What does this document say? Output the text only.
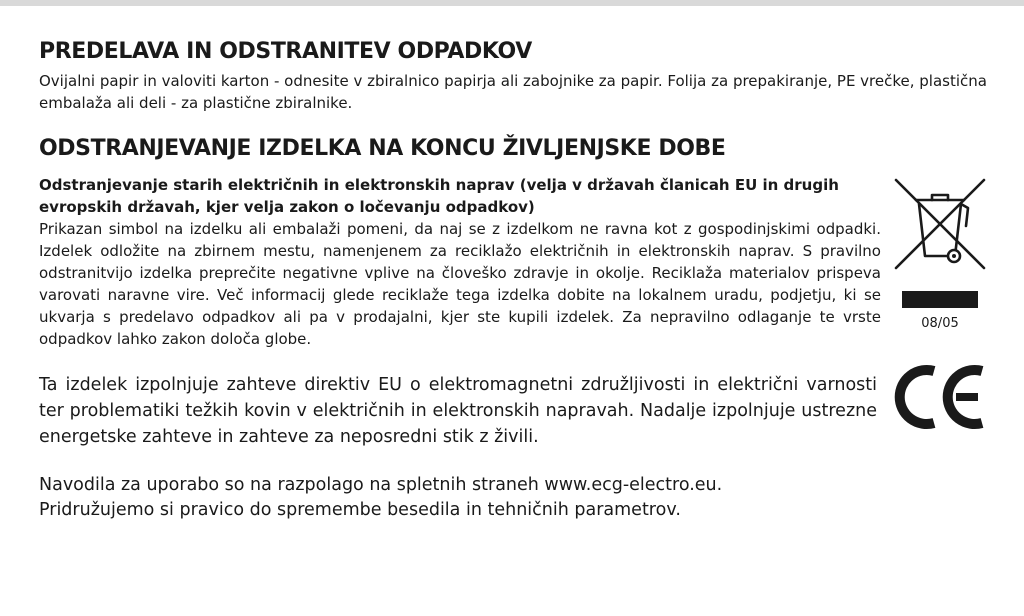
PREDELAVA IN ODSTRANITEV ODPADKOV
Ovijalni papir in valoviti karton - odnesite v zbiralnico papirja ali zabojnike za papir. Folija za prepakiranje, PE vrečke, plastična embalaža ali deli - za plastične zbiralnike.
ODSTRANJEVANJE IZDELKA NA KONCU ŽIVLJENJSKE DOBE
Odstranjevanje starih električnih in elektronskih naprav (velja v državah članicah EU in drugih evropskih državah, kjer velja zakon o ločevanju odpadkov)
Prikazan simbol na izdelku ali embalaži pomeni, da naj se z izdelkom ne ravna kot z gospodinjskimi odpadki. Izdelek odložite na zbirnem mestu, namenjenem za reciklažo električnih in elektronskih naprav. S pravilno odstranitvijo izdelka preprečite negativne vplive na človeško zdravje in okolje. Reciklaža materialov prispeva varovati naravne vire. Več informacij glede reciklaže tega izdelka dobite na lokalnem uradu, podjetju, ki se ukvarja s predelavo odpadkov ali pa v prodajalni, kjer ste kupili izdelek. Za nepravilno odlaganje te vrste odpadkov lahko zakon določa globe.
08/05
Ta izdelek izpolnjuje zahteve direktiv EU o elektromagnetni združljivosti in električni varnosti ter problematiki težkih kovin v električnih in elektronskih napravah. Nadalje izpolnjuje ustrezne energetske zahteve in zahteve za neposredni stik z živili.
Navodila za uporabo so na razpolago na spletnih straneh www.ecg-electro.eu.
Pridružujemo si pravico do spremembe besedila in tehničnih parametrov.
